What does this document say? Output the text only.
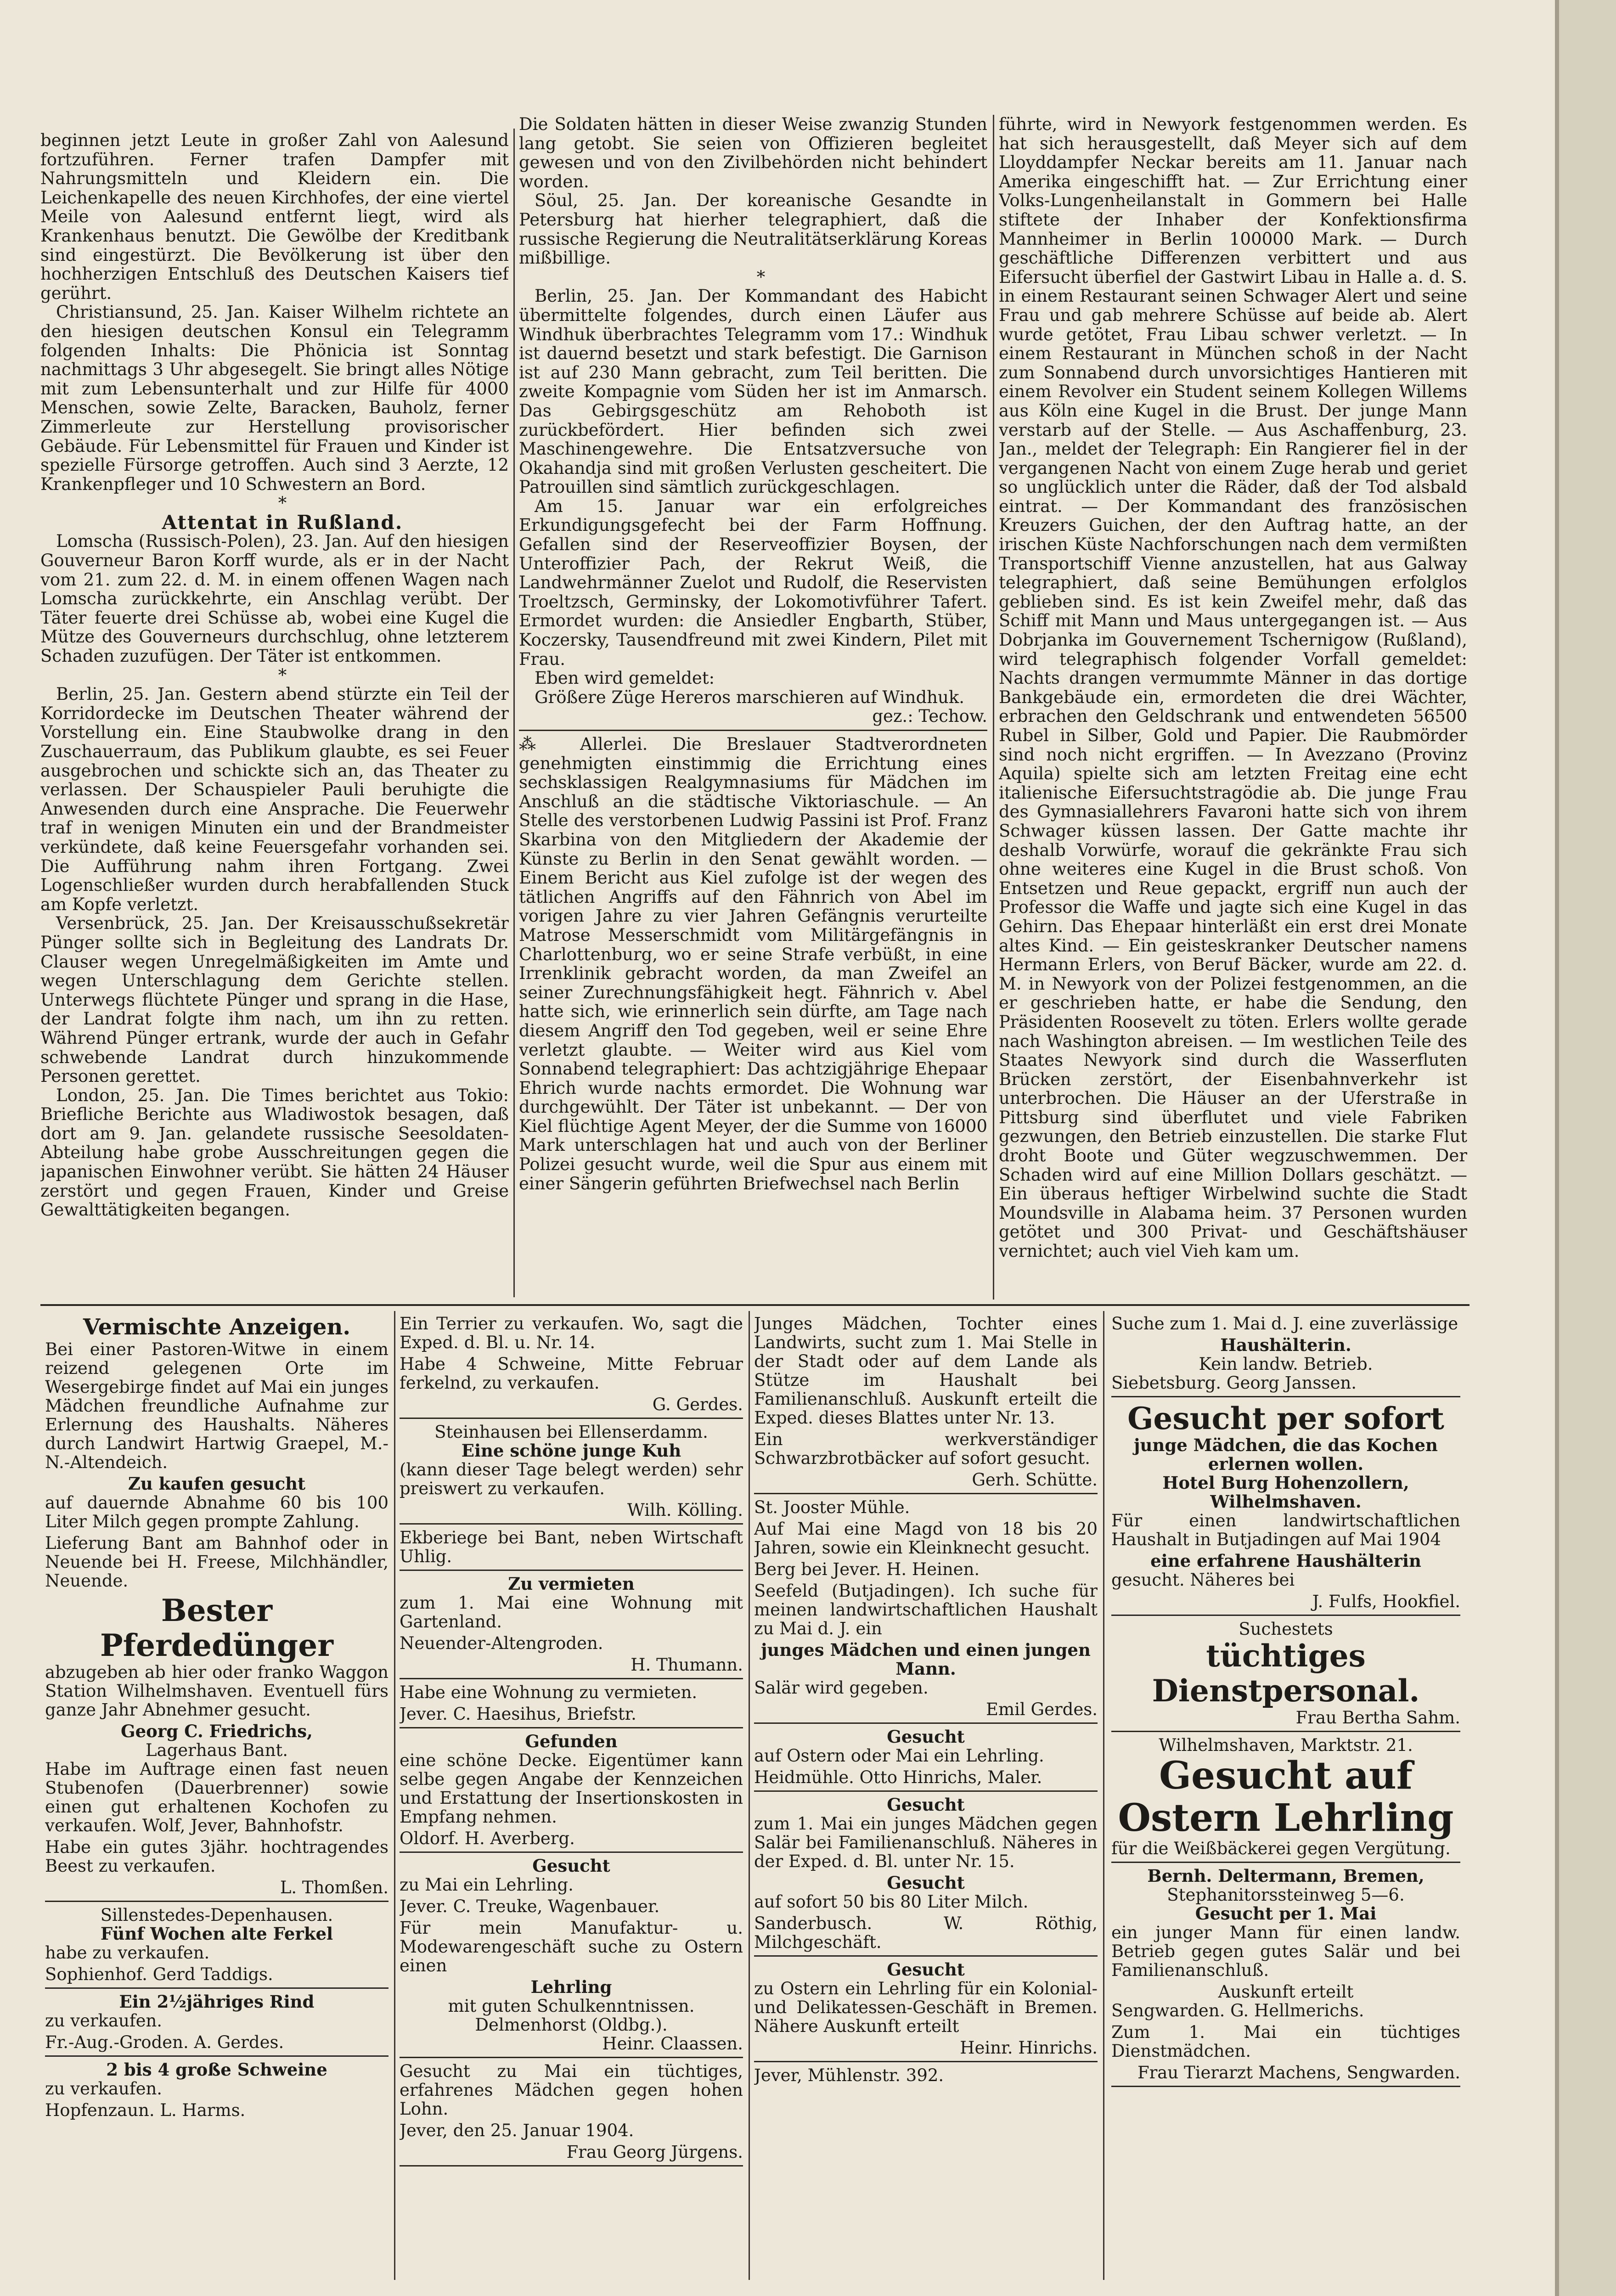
beginnen jetzt Leute in großer Zahl von Aalesund fortzuführen. Ferner trafen Dampfer mit Nahrungsmitteln und Kleidern ein. Die Leichenkapelle des neuen Kirchhofes, der eine viertel Meile von Aalesund entfernt liegt, wird als Krankenhaus benutzt. Die Gewölbe der Kreditbank sind eingestürzt. Die Bevölkerung ist über den hochherzigen Entschluß des Deutschen Kaisers tief gerührt.

Christiansund, 25. Jan. Kaiser Wilhelm richtete an den hiesigen deutschen Konsul ein Telegramm folgenden Inhalts: Die Phönicia ist Sonntag nachmittags 3 Uhr abgesegelt. Sie bringt alles Nötige mit zum Lebensunterhalt und zur Hilfe für 4000 Menschen, sowie Zelte, Baracken, Bauholz, ferner Zimmerleute zur Herstellung provisorischer Gebäude. Für Lebensmittel für Frauen und Kinder ist spezielle Fürsorge getroffen. Auch sind 3 Aerzte, 12 Krankenpfleger und 10 Schwestern an Bord.

*

Attentat in Rußland.

Lomscha (Russisch-Polen), 23. Jan. Auf den hiesigen Gouverneur Baron Korff wurde, als er in der Nacht vom 21. zum 22. d. M. in einem offenen Wagen nach Lomscha zurückkehrte, ein Anschlag verübt. Der Täter feuerte drei Schüsse ab, wobei eine Kugel die Mütze des Gouverneurs durchschlug, ohne letzterem Schaden zuzufügen. Der Täter ist entkommen.

*

Berlin, 25. Jan. Gestern abend stürzte ein Teil der Korridordecke im Deutschen Theater während der Vorstellung ein. Eine Staubwolke drang in den Zuschauerraum, das Publikum glaubte, es sei Feuer ausgebrochen und schickte sich an, das Theater zu verlassen. Der Schauspieler Pauli beruhigte die Anwesenden durch eine Ansprache. Die Feuerwehr traf in wenigen Minuten ein und der Brandmeister verkündete, daß keine Feuersgefahr vorhanden sei. Die Aufführung nahm ihren Fortgang. Zwei Logenschließer wurden durch herabfallenden Stuck am Kopfe verletzt.

Versenbrück, 25. Jan. Der Kreisausschußsekretär Pünger sollte sich in Begleitung des Landrats Dr. Clauser wegen Unregelmäßigkeiten im Amte und wegen Unterschlagung dem Gerichte stellen. Unterwegs flüchtete Pünger und sprang in die Hase, der Landrat folgte ihm nach, um ihn zu retten. Während Pünger ertrank, wurde der auch in Gefahr schwebende Landrat durch hinzukommende Personen gerettet.

London, 25. Jan. Die Times berichtet aus Tokio: Briefliche Berichte aus Wladiwostok besagen, daß dort am 9. Jan. gelandete russische Seesoldaten-Abteilung habe grobe Ausschreitungen gegen die japanischen Einwohner verübt. Sie hätten 24 Häuser zerstört und gegen Frauen, Kinder und Greise Gewalttätigkeiten begangen.

Die Soldaten hätten in dieser Weise zwanzig Stunden lang getobt. Sie seien von Offizieren begleitet gewesen und von den Zivilbehörden nicht behindert worden.

Söul, 25. Jan. Der koreanische Gesandte in Petersburg hat hierher telegraphiert, daß die russische Regierung die Neutralitätserklärung Koreas mißbillige.

*

Berlin, 25. Jan. Der Kommandant des Habicht übermittelte folgendes, durch einen Läufer aus Windhuk überbrachtes Telegramm vom 17.: Windhuk ist dauernd besetzt und stark befestigt. Die Garnison ist auf 230 Mann gebracht, zum Teil beritten. Die zweite Kompagnie vom Süden her ist im Anmarsch. Das Gebirgsgeschütz am Rehoboth ist zurückbefördert. Hier befinden sich zwei Maschinengewehre. Die Entsatzversuche von Okahandja sind mit großen Verlusten gescheitert. Die Patrouillen sind sämtlich zurückgeschlagen.

Am 15. Januar war ein erfolgreiches Erkundigungsgefecht bei der Farm Hoffnung. Gefallen sind der Reserveoffizier Boysen, der Unteroffizier Pach, der Rekrut Weiß, die Landwehrmänner Zuelot und Rudolf, die Reservisten Troeltzsch, Germinsky, der Lokomotivführer Tafert. Ermordet wurden: die Ansiedler Engbarth, Stüber, Koczersky, Tausendfreund mit zwei Kindern, Pilet mit Frau.

Eben wird gemeldet:

Größere Züge Hereros marschieren auf Windhuk.

gez.: Techow.

⁂ Allerlei. Die Breslauer Stadtverordneten genehmigten einstimmig die Errichtung eines sechsklassigen Realgymnasiums für Mädchen im Anschluß an die städtische Viktoriaschule. — An Stelle des verstorbenen Ludwig Passini ist Prof. Franz Skarbina von den Mitgliedern der Akademie der Künste zu Berlin in den Senat gewählt worden. — Einem Bericht aus Kiel zufolge ist der wegen des tätlichen Angriffs auf den Fähnrich von Abel im vorigen Jahre zu vier Jahren Gefängnis verurteilte Matrose Messerschmidt vom Militärgefängnis in Charlottenburg, wo er seine Strafe verbüßt, in eine Irrenklinik gebracht worden, da man Zweifel an seiner Zurechnungsfähigkeit hegt. Fähnrich v. Abel hatte sich, wie erinnerlich sein dürfte, am Tage nach diesem Angriff den Tod gegeben, weil er seine Ehre verletzt glaubte. — Weiter wird aus Kiel vom Sonnabend telegraphiert: Das achtzigjährige Ehepaar Ehrich wurde nachts ermordet. Die Wohnung war durchgewühlt. Der Täter ist unbekannt. — Der von Kiel flüchtige Agent Meyer, der die Summe von 16000 Mark unterschlagen hat und auch von der Berliner Polizei gesucht wurde, weil die Spur aus einem mit einer Sängerin geführten Briefwechsel nach Berlin

führte, wird in Newyork festgenommen werden. Es hat sich herausgestellt, daß Meyer sich auf dem Lloyddampfer Neckar bereits am 11. Januar nach Amerika eingeschifft hat. — Zur Errichtung einer Volks-Lungenheilanstalt in Gommern bei Halle stiftete der Inhaber der Konfektionsfirma Mannheimer in Berlin 100000 Mark. — Durch geschäftliche Differenzen verbittert und aus Eifersucht überfiel der Gastwirt Libau in Halle a. d. S. in einem Restaurant seinen Schwager Alert und seine Frau und gab mehrere Schüsse auf beide ab. Alert wurde getötet, Frau Libau schwer verletzt. — In einem Restaurant in München schoß in der Nacht zum Sonnabend durch unvorsichtiges Hantieren mit einem Revolver ein Student seinem Kollegen Willems aus Köln eine Kugel in die Brust. Der junge Mann verstarb auf der Stelle. — Aus Aschaffenburg, 23. Jan., meldet der Telegraph: Ein Rangierer fiel in der vergangenen Nacht von einem Zuge herab und geriet so unglücklich unter die Räder, daß der Tod alsbald eintrat. — Der Kommandant des französischen Kreuzers Guichen, der den Auftrag hatte, an der irischen Küste Nachforschungen nach dem vermißten Transportschiff Vienne anzustellen, hat aus Galway telegraphiert, daß seine Bemühungen erfolglos geblieben sind. Es ist kein Zweifel mehr, daß das Schiff mit Mann und Maus untergegangen ist. — Aus Dobrjanka im Gouvernement Tschernigow (Rußland), wird telegraphisch folgender Vorfall gemeldet: Nachts drangen vermummte Männer in das dortige Bankgebäude ein, ermordeten die drei Wächter, erbrachen den Geldschrank und entwendeten 56500 Rubel in Silber, Gold und Papier. Die Raubmörder sind noch nicht ergriffen. — In Avezzano (Provinz Aquila) spielte sich am letzten Freitag eine echt italienische Eifersuchtstragödie ab. Die junge Frau des Gymnasiallehrers Favaroni hatte sich von ihrem Schwager küssen lassen. Der Gatte machte ihr deshalb Vorwürfe, worauf die gekränkte Frau sich ohne weiteres eine Kugel in die Brust schoß. Von Entsetzen und Reue gepackt, ergriff nun auch der Professor die Waffe und jagte sich eine Kugel in das Gehirn. Das Ehepaar hinterläßt ein erst drei Monate altes Kind. — Ein geisteskranker Deutscher namens Hermann Erlers, von Beruf Bäcker, wurde am 22. d. M. in Newyork von der Polizei festgenommen, an die er geschrieben hatte, er habe die Sendung, den Präsidenten Roosevelt zu töten. Erlers wollte gerade nach Washington abreisen. — Im westlichen Teile des Staates Newyork sind durch die Wasserfluten Brücken zerstört, der Eisenbahnverkehr ist unterbrochen. Die Häuser an der Uferstraße in Pittsburg sind überflutet und viele Fabriken gezwungen, den Betrieb einzustellen. Die starke Flut droht Boote und Güter wegzuschwemmen. Der Schaden wird auf eine Million Dollars geschätzt. — Ein überaus heftiger Wirbelwind suchte die Stadt Moundsville in Alabama heim. 37 Personen wurden getötet und 300 Privat- und Geschäftshäuser vernichtet; auch viel Vieh kam um.

Vermischte Anzeigen.
Bei einer Pastoren-Witwe in einem reizend gelegenen Orte im Wesergebirge findet auf Mai ein junges Mädchen freundliche Aufnahme zur Erlernung des Haushalts. Näheres durch Landwirt Hartwig Graepel, M.-N.-Altendeich.
Zu kaufen gesucht
auf dauernde Abnahme 60 bis 100 Liter Milch gegen prompte Zahlung.
Lieferung Bant am Bahnhof oder in Neuende bei H. Freese, Milchhändler, Neuende.
Bester Pferdedünger
abzugeben ab hier oder franko Waggon Station Wilhelmshaven. Eventuell fürs ganze Jahr Abnehmer gesucht.
Georg C. Friedrichs,
Lagerhaus Bant.
Habe im Auftrage einen fast neuen Stubenofen (Dauerbrenner) sowie einen gut erhaltenen Kochofen zu verkaufen. Wolf, Jever, Bahnhofstr.
Habe ein gutes 3jähr. hochtragendes Beest zu verkaufen.
L. Thomßen.
Sillenstedes-Depenhausen.
Fünf Wochen alte Ferkel
habe zu verkaufen.
Sophienhof. Gerd Taddigs.
Ein 2½jähriges Rind
zu verkaufen.
Fr.-Aug.-Groden. A. Gerdes.
2 bis 4 große Schweine
zu verkaufen.
Hopfenzaun. L. Harms.
Ein Terrier zu verkaufen. Wo, sagt die Exped. d. Bl. u. Nr. 14.
Habe 4 Schweine, Mitte Februar ferkelnd, zu verkaufen.
G. Gerdes.
Steinhausen bei Ellenserdamm.
Eine schöne junge Kuh
(kann dieser Tage belegt werden) sehr preiswert zu verkaufen.
Wilh. Kölling.
Ekberiege bei Bant, neben Wirtschaft Uhlig.
Zu vermieten
zum 1. Mai eine Wohnung mit Gartenland.
Neuender-Altengroden.
H. Thumann.
Habe eine Wohnung zu vermieten.
Jever. C. Haesihus, Briefstr.
Gefunden
eine schöne Decke. Eigentümer kann selbe gegen Angabe der Kennzeichen und Erstattung der Insertionskosten in Empfang nehmen.
Oldorf. H. Averberg.
Gesucht
zu Mai ein Lehrling.
Jever. C. Treuke, Wagenbauer.
Für mein Manufaktur- u. Modewarengeschäft suche zu Ostern einen
Lehrling
mit guten Schulkenntnissen.
Delmenhorst (Oldbg.).
Heinr. Claassen.
Gesucht zu Mai ein tüchtiges, erfahrenes Mädchen gegen hohen Lohn.
Jever, den 25. Januar 1904.
Frau Georg Jürgens.
Junges Mädchen, Tochter eines Landwirts, sucht zum 1. Mai Stelle in der Stadt oder auf dem Lande als Stütze im Haushalt bei Familienanschluß. Auskunft erteilt die Exped. dieses Blattes unter Nr. 13.
Ein werkverständiger Schwarzbrotbäcker auf sofort gesucht.
Gerh. Schütte.
St. Jooster Mühle.
Auf Mai eine Magd von 18 bis 20 Jahren, sowie ein Kleinknecht gesucht.
Berg bei Jever. H. Heinen.
Seefeld (Butjadingen). Ich suche für meinen landwirtschaftlichen Haushalt zu Mai d. J. ein
junges Mädchen und einen jungen Mann.
Salär wird gegeben.
Emil Gerdes.
Gesucht
auf Ostern oder Mai ein Lehrling.
Heidmühle. Otto Hinrichs, Maler.
Gesucht
zum 1. Mai ein junges Mädchen gegen Salär bei Familienanschluß. Näheres in der Exped. d. Bl. unter Nr. 15.
Gesucht
auf sofort 50 bis 80 Liter Milch.
Sanderbusch. W. Röthig, Milchgeschäft.
Gesucht
zu Ostern ein Lehrling für ein Kolonial- und Delikatessen-Geschäft in Bremen. Nähere Auskunft erteilt
Heinr. Hinrichs.
Jever, Mühlenstr. 392.
Suche zum 1. Mai d. J. eine zuverlässige
Haushälterin.
Kein landw. Betrieb.
Siebetsburg. Georg Janssen.
Gesucht per sofort
junge Mädchen, die das Kochen erlernen wollen.
Hotel Burg Hohenzollern, Wilhelmshaven.
Für einen landwirtschaftlichen Haushalt in Butjadingen auf Mai 1904
eine erfahrene Haushälterin
gesucht. Näheres bei
J. Fulfs, Hookfiel.
Suchestets
tüchtiges Dienstpersonal.
Frau Bertha Sahm.
Wilhelmshaven, Marktstr. 21.
Gesucht auf Ostern Lehrling
für die Weißbäckerei gegen Vergütung.
Bernh. Deltermann, Bremen,
Stephanitorssteinweg 5—6.
Gesucht per 1. Mai
ein junger Mann für einen landw. Betrieb gegen gutes Salär und bei Familienanschluß.
Auskunft erteilt
Sengwarden. G. Hellmerichs.
Zum 1. Mai ein tüchtiges Dienstmädchen.
Frau Tierarzt Machens, Sengwarden.
